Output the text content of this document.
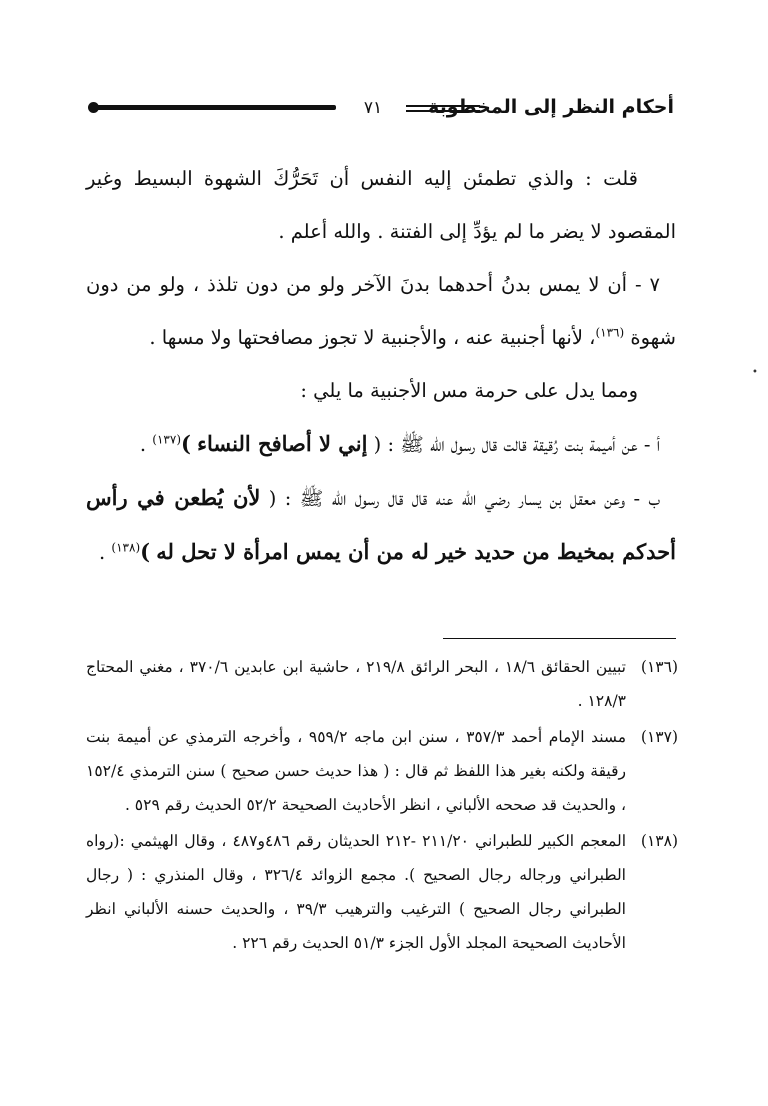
أحكام النظر إلى المخطوبة
٧١

قلت : والذي تطمئن إليه النفس أن تَحَرُّكَ الشهوة البسيط وغير المقصود لا يضر ما لم يؤدِّ إلى الفتنة . والله أعلم .

٧ - أن لا يمس بدنُ أحدهما بدنَ الآخر ولو من دون تلذذ ، ولو من دون شهوة $^{(١٣٦)}$، لأنها أجنبية عنه ، والأجنبية لا تجوز مصافحتها ولا مسها .

ومما يدل على حرمة مس الأجنبية ما يلي :

أ - عن أميمة بنت رُقيقة قالت قال رسول الله ﷺ : ( إني لا أصافح النساء )$^{(١٣٧)}$ .

ب - وعن معقل بن يسار رضي الله عنه قال قال رسول الله ﷺ : ( لأن يُطعن في رأس أحدكم بمخيط من حديد خير له من أن يمس امرأة لا تحل له )$^{(١٣٨)}$ .

(١٣٦)
تبيين الحقائق ١٨/٦ ، البحر الرائق ٢١٩/٨ ، حاشية ابن عابدين ٣٧٠/٦ ، مغني المحتاج ١٢٨/٣ .
(١٣٧)
مسند الإمام أحمد ٣٥٧/٣ ، سنن ابن ماجه ٩٥٩/٢ ، وأخرجه الترمذي عن أميمة بنت رقيقة ولكنه بغير هذا اللفظ ثم قال : ( هذا حديث حسن صحيح ) سنن الترمذي ١٥٢/٤ ، والحديث قد صححه الألباني ، انظر الأحاديث الصحيحة ٥٢/٢ الحديث رقم ٥٢٩ .
(١٣٨)
المعجم الكبير للطبراني ٢١١/٢٠ -٢١٢ الحديثان رقم ٤٨٦و٤٨٧ ، وقال الهيثمي :(رواه الطبراني ورجاله رجال الصحيح ). مجمع الزوائد ٣٢٦/٤ ، وقال المنذري : ( رجال الطبراني رجال الصحيح ) الترغيب والترهيب ٣٩/٣ ، والحديث حسنه الألباني انظر الأحاديث الصحيحة المجلد الأول الجزء ٥١/٣ الحديث رقم ٢٢٦ .
•
